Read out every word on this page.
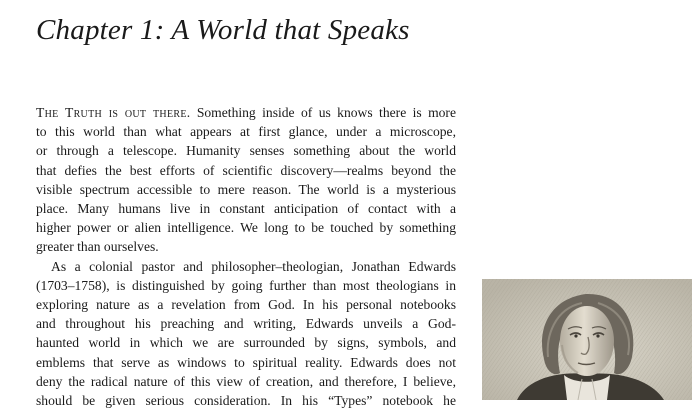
Chapter 1: A World that Speaks

The Truth is out there. Something inside of us knows there is more
to this world than what appears at first glance, under a microscope,
or through a telescope. Humanity senses something about the world
that defies the best efforts of scientific discovery—realms beyond the
visible spectrum accessible to mere reason. The world is a mysterious
place. Many humans live in constant anticipation of contact with a
higher power or alien intelligence. We long to be touched by something
greater than ourselves.

As a colonial pastor and philosopher–theologian, Jonathan Edwards
(1703–1758), is distinguished by going further than most theologians in
exploring nature as a revelation from God. In his personal notebooks
and throughout his preaching and writing, Edwards unveils a God-
haunted world in which we are surrounded by signs, symbols, and
emblems that serve as windows to spiritual reality. Edwards does not
deny the radical nature of this view of creation, and therefore, I believe,
should be given serious consideration. In his “Types” notebook he
